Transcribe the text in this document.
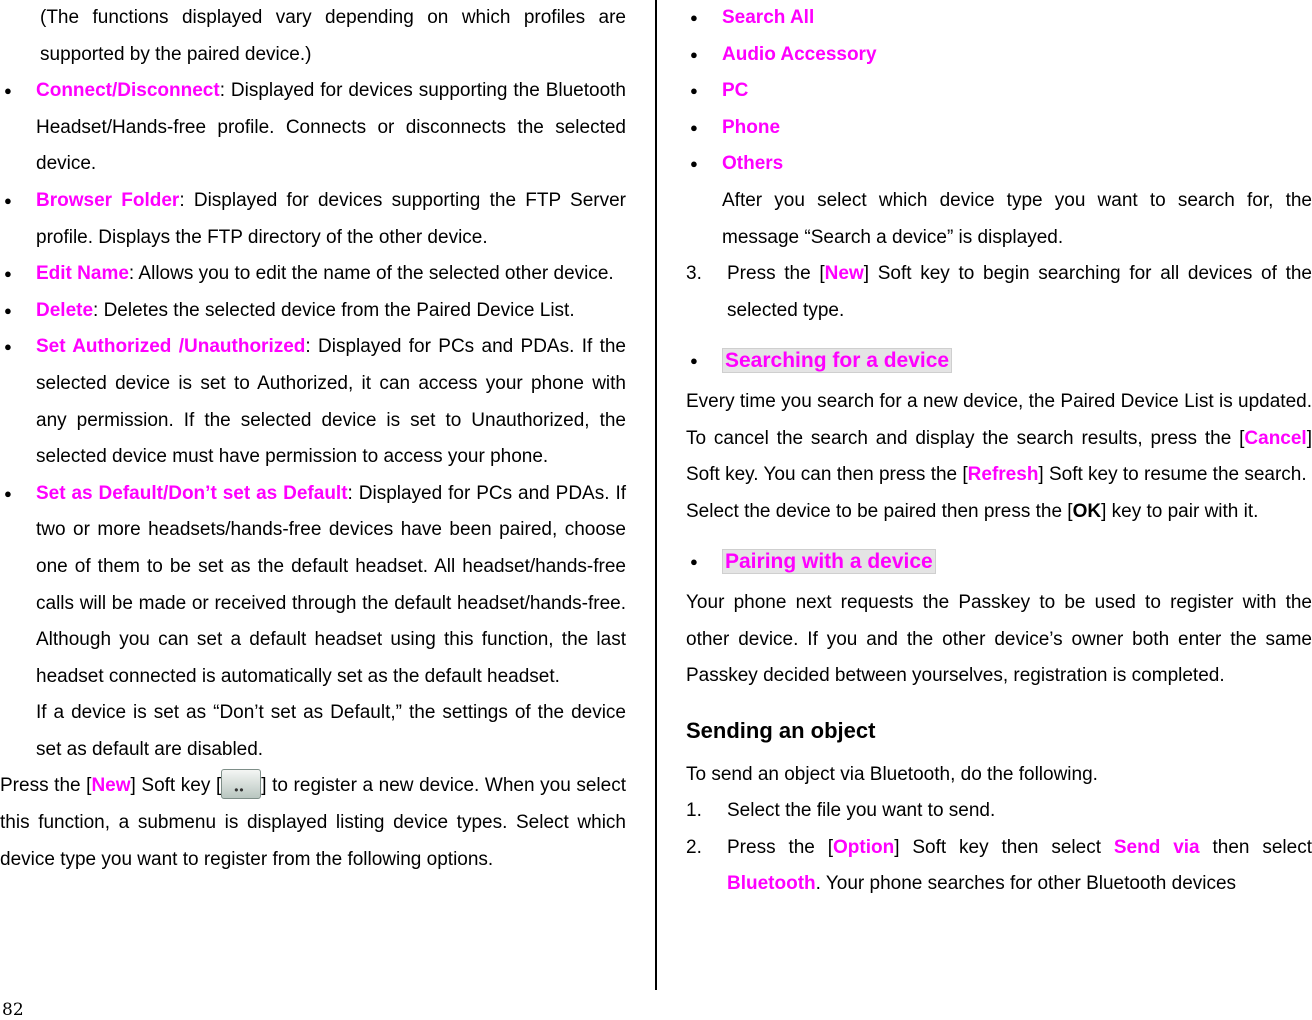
(The functions displayed vary depending on which profiles are supported by the paired device.)

● Connect/Disconnect: Displayed for devices supporting the Bluetooth Headset/Hands-free profile. Connects or disconnects the selected device.

● Browser Folder: Displayed for devices supporting the FTP Server profile. Displays the FTP directory of the other device.

● Edit Name: Allows you to edit the name of the selected other device.

● Delete: Deletes the selected device from the Paired Device List.

● Set Authorized /Unauthorized: Displayed for PCs and PDAs. If the selected device is set to Authorized, it can access your phone with any permission. If the selected device is set to Unauthorized, the selected device must have permission to access your phone.

● Set as Default/Don’t set as Default: Displayed for PCs and PDAs. If two or more headsets/hands-free devices have been paired, choose one of them to be set as the default headset. All headset/hands-free calls will be made or received through the default headset/hands-free. Although you can set a default headset using this function, the last headset connected is automatically set as the default headset.

If a device is set as “Don’t set as Default,” the settings of the device set as default are disabled.

Press the [New] Soft key [•• ] to register a new device. When you select this function, a submenu is displayed listing device types. Select which device type you want to register from the following options.

● Search All

● Audio Accessory

● PC

● Phone

● Others

After you select which device type you want to search for, the message “Search a device” is displayed.

3. Press the [New] Soft key to begin searching for all devices of the selected type.

● Searching for a device

Every time you search for a new device, the Paired Device List is updated. To cancel the search and display the search results, press the [Cancel] Soft key. You can then press the [Refresh] Soft key to resume the search.

Select the device to be paired then press the [OK] key to pair with it.

● Pairing with a device

Your phone next requests the Passkey to be used to register with the other device. If you and the other device’s owner both enter the same Passkey decided between yourselves, registration is completed.

Sending an object

To send an object via Bluetooth, do the following.

1. Select the file you want to send.

2. Press the [Option] Soft key then select Send via then select Bluetooth. Your phone searches for other Bluetooth devices

82
